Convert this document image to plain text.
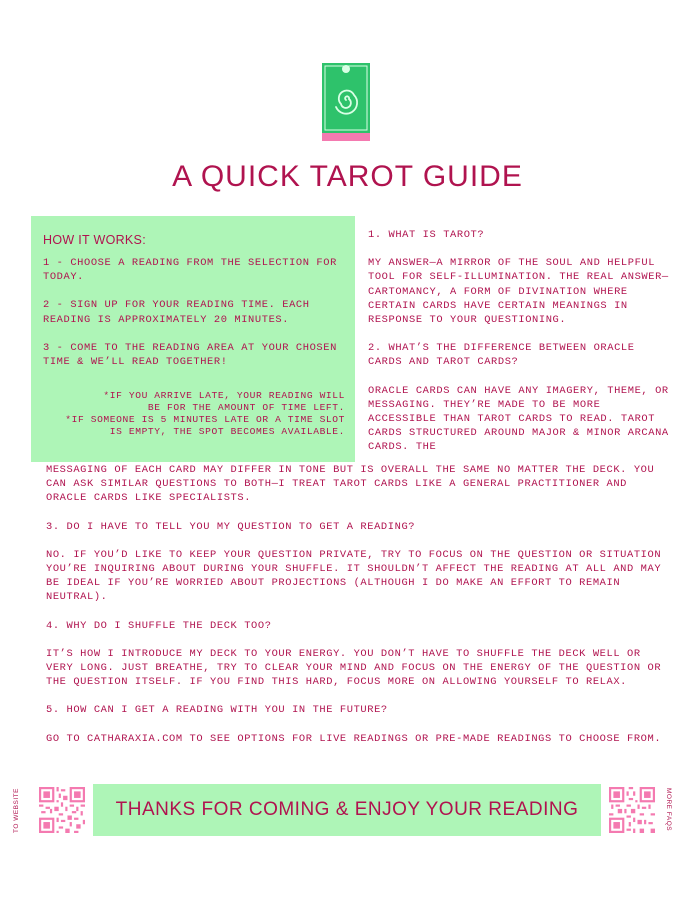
A QUICK TAROT GUIDE
HOW IT WORKS:

1 - CHOOSE A READING FROM THE SELECTION FOR TODAY.

2 - SIGN UP FOR YOUR READING TIME. EACH READING IS APPROXIMATELY 20 MINUTES.

3 - COME TO THE READING AREA AT YOUR CHOSEN TIME & WE’LL READ TOGETHER!

*IF YOU ARRIVE LATE, YOUR READING WILL
BE FOR THE AMOUNT OF TIME LEFT.
*IF SOMEONE IS 5 MINUTES LATE OR A TIME SLOT
IS EMPTY, THE SPOT BECOMES AVAILABLE.

1. WHAT IS TAROT?

MY ANSWER—A MIRROR OF THE SOUL AND HELPFUL TOOL FOR SELF-ILLUMINATION. THE REAL ANSWER—CARTOMANCY, A FORM OF DIVINATION WHERE CERTAIN CARDS HAVE CERTAIN MEANINGS IN RESPONSE TO YOUR QUESTIONING.

2. WHAT’S THE DIFFERENCE BETWEEN ORACLE CARDS AND TAROT CARDS?

ORACLE CARDS CAN HAVE ANY IMAGERY, THEME, OR MESSAGING. THEY’RE MADE TO BE MORE ACCESSIBLE THAN TAROT CARDS TO READ. TAROT CARDS STRUCTURED AROUND MAJOR & MINOR ARCANA CARDS. THE

MESSAGING OF EACH CARD MAY DIFFER IN TONE BUT IS OVERALL THE SAME NO MATTER THE DECK. YOU CAN ASK SIMILAR QUESTIONS TO BOTH—I TREAT TAROT CARDS LIKE A GENERAL PRACTITIONER AND ORACLE CARDS LIKE SPECIALISTS.

3. DO I HAVE TO TELL YOU MY QUESTION TO GET A READING?

NO. IF YOU’D LIKE TO KEEP YOUR QUESTION PRIVATE, TRY TO FOCUS ON THE QUESTION OR SITUATION YOU’RE INQUIRING ABOUT DURING YOUR SHUFFLE. IT SHOULDN’T AFFECT THE READING AT ALL AND MAY BE IDEAL IF YOU’RE WORRIED ABOUT PROJECTIONS (ALTHOUGH I DO MAKE AN EFFORT TO REMAIN NEUTRAL).

4. WHY DO I SHUFFLE THE DECK TOO?

IT’S HOW I INTRODUCE MY DECK TO YOUR ENERGY. YOU DON’T HAVE TO SHUFFLE THE DECK WELL OR VERY LONG. JUST BREATHE, TRY TO CLEAR YOUR MIND AND FOCUS ON THE ENERGY OF THE QUESTION OR THE QUESTION ITSELF. IF YOU FIND THIS HARD, FOCUS MORE ON ALLOWING YOURSELF TO RELAX.

5. HOW CAN I GET A READING WITH YOU IN THE FUTURE?

GO TO CATHARAXIA.COM TO SEE OPTIONS FOR LIVE READINGS OR PRE-MADE READINGS TO CHOOSE FROM.

TO WEBSITE	THANKS FOR COMING & ENJOY YOUR READING	MORE FAQS
